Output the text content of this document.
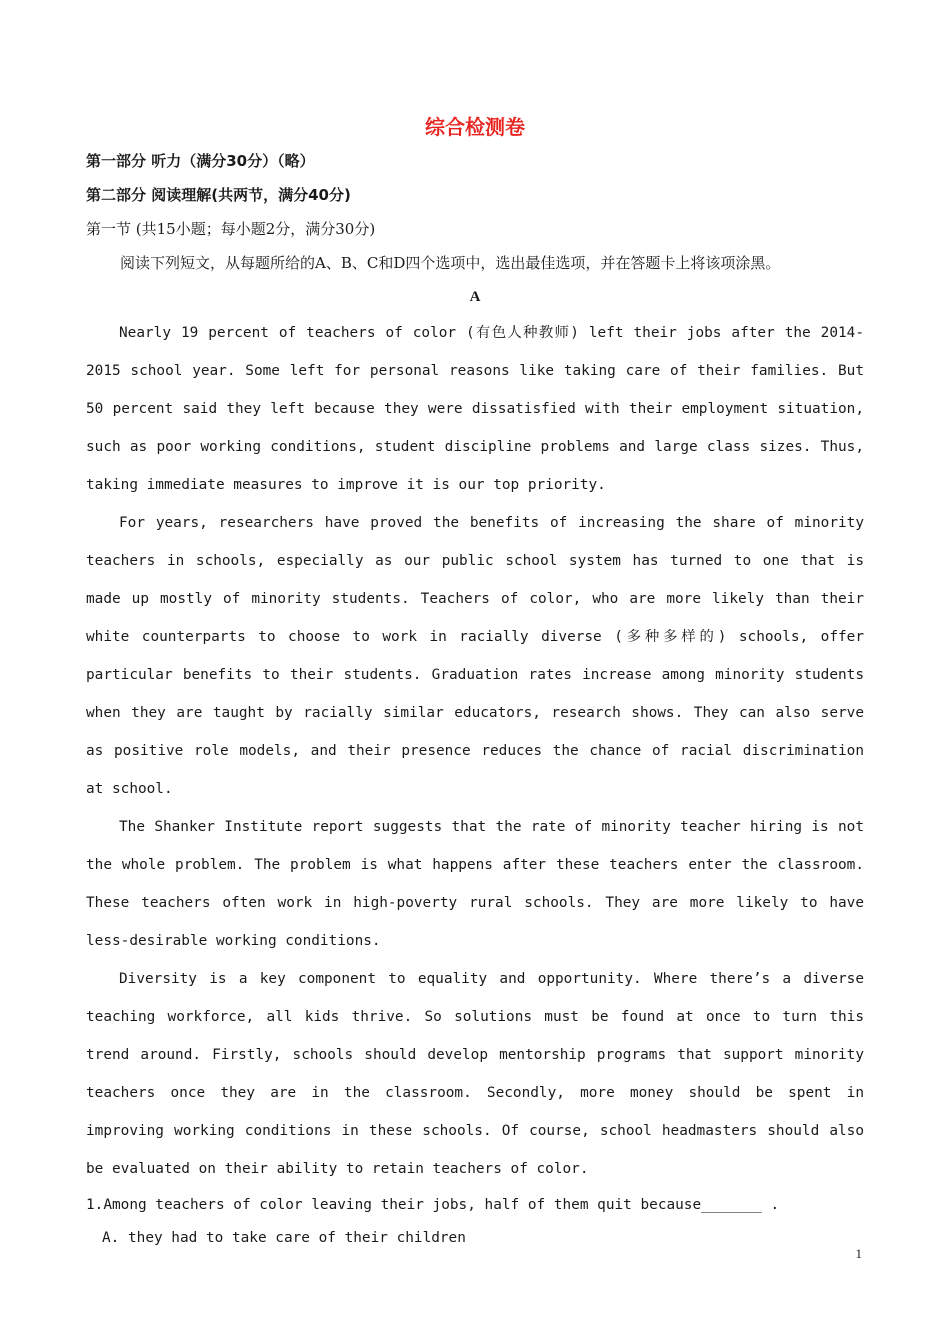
综合检测卷

第一部分 听力（满分30分）（略）

第二部分 阅读理解(共两节，满分40分)

第一节 (共15小题；每小题2分，满分30分)

阅读下列短文，从每题所给的A、B、C和D四个选项中，选出最佳选项，并在答题卡上将该项涂黑。

A

Nearly 19 percent of teachers of color (有色人种教师) left their jobs after the 2014-2015 school year. Some left for personal reasons like taking care of their families. But 50 percent said they left because they were dissatisfied with their employment situation, such as poor working conditions, student discipline problems and large class sizes. Thus, taking immediate measures to improve it is our top priority.

For years, researchers have proved the benefits of increasing the share of minority teachers in schools, especially as our public school system has turned to one that is made up mostly of minority students. Teachers of color, who are more likely than their white counterparts to choose to work in racially diverse (多种多样的) schools, offer particular benefits to their students. Graduation rates increase among minority students when they are taught by racially similar educators, research shows. They can also serve as positive role models, and their presence reduces the chance of racial discrimination at school.

The Shanker Institute report suggests that the rate of minority teacher hiring is not the whole problem. The problem is what happens after these teachers enter the classroom. These teachers often work in high-poverty rural schools. They are more likely to have less-desirable working conditions.

Diversity is a key component to equality and opportunity. Where there’s a diverse teaching workforce, all kids thrive. So solutions must be found at once to turn this trend around. Firstly, schools should develop mentorship programs that support minority teachers once they are in the classroom. Secondly, more money should be spent in improving working conditions in these schools. Of course, school headmasters should also be evaluated on their ability to retain teachers of color.

1.Among teachers of color leaving their jobs, half of them quit because_______ .

A. they had to take care of their children

1
